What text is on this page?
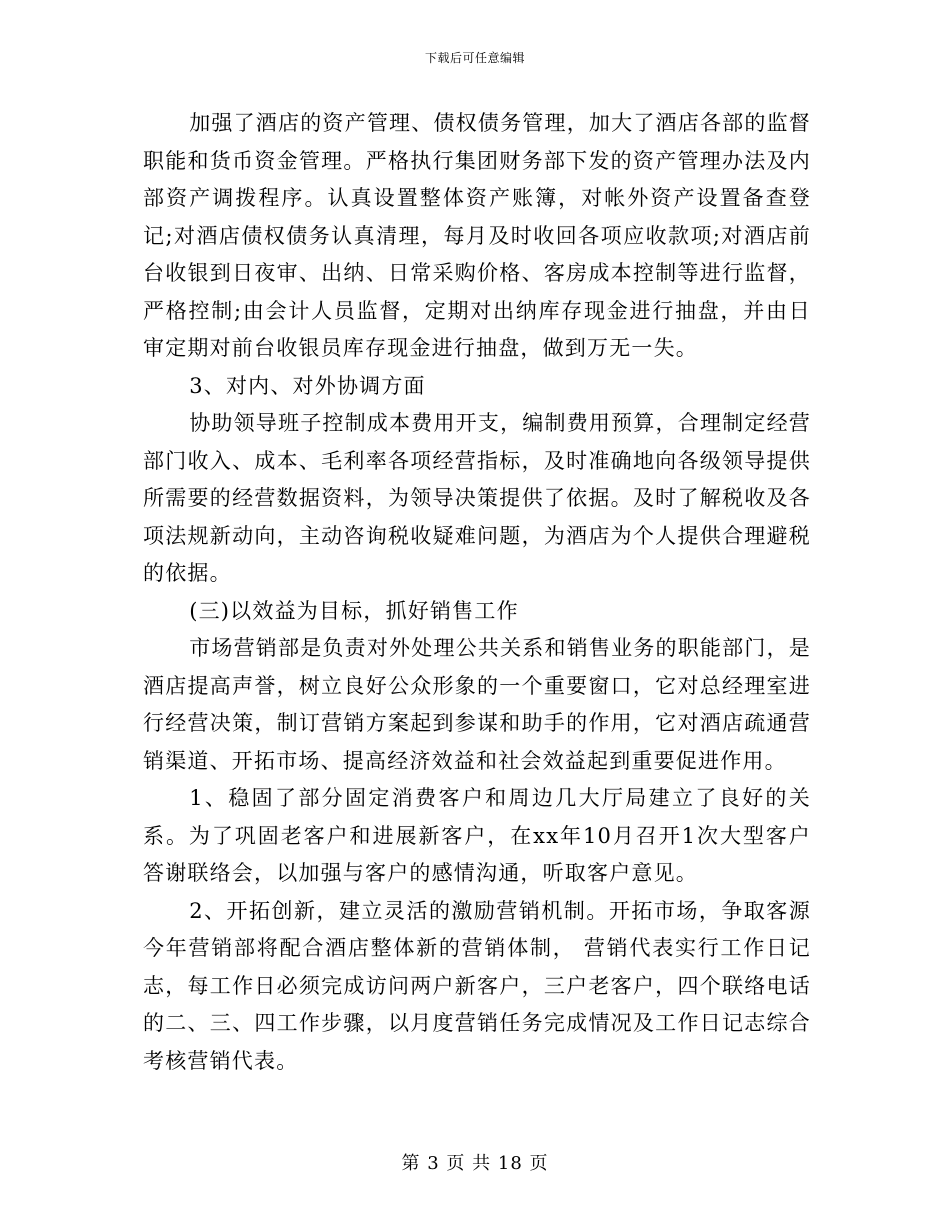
下载后可任意编辑

加强了酒店的资产管理、债权债务管理，加大了酒店各部的监督职能和货币资金管理。严格执行集团财务部下发的资产管理办法及内部资产调拨程序。认真设置整体资产账簿，对帐外资产设置备查登记;对酒店债权债务认真清理，每月及时收回各项应收款项;对酒店前台收银到日夜审、出纳、日常采购价格、客房成本控制等进行监督，严格控制;由会计人员监督，定期对出纳库存现金进行抽盘，并由日审定期对前台收银员库存现金进行抽盘，做到万无一失。

3、对内、对外协调方面

协助领导班子控制成本费用开支，编制费用预算，合理制定经营部门收入、成本、毛利率各项经营指标，及时准确地向各级领导提供所需要的经营数据资料，为领导决策提供了依据。及时了解税收及各项法规新动向，主动咨询税收疑难问题，为酒店为个人提供合理避税的依据。

(三)以效益为目标，抓好销售工作

市场营销部是负责对外处理公共关系和销售业务的职能部门，是酒店提高声誉，树立良好公众形象的一个重要窗口，它对总经理室进行经营决策，制订营销方案起到参谋和助手的作用，它对酒店疏通营销渠道、开拓市场、提高经济效益和社会效益起到重要促进作用。

1、稳固了部分固定消费客户和周边几大厅局建立了良好的关系。为了巩固老客户和进展新客户，在xx年10月召开1次大型客户答谢联络会，以加强与客户的感情沟通，听取客户意见。

2、开拓创新，建立灵活的激励营销机制。开拓市场，争取客源今年营销部将配合酒店整体新的营销体制， 营销代表实行工作日记志，每工作日必须完成访问两户新客户，三户老客户，四个联络电话的二、三、四工作步骤，以月度营销任务完成情况及工作日记志综合考核营销代表。

第 3 页 共 18 页
